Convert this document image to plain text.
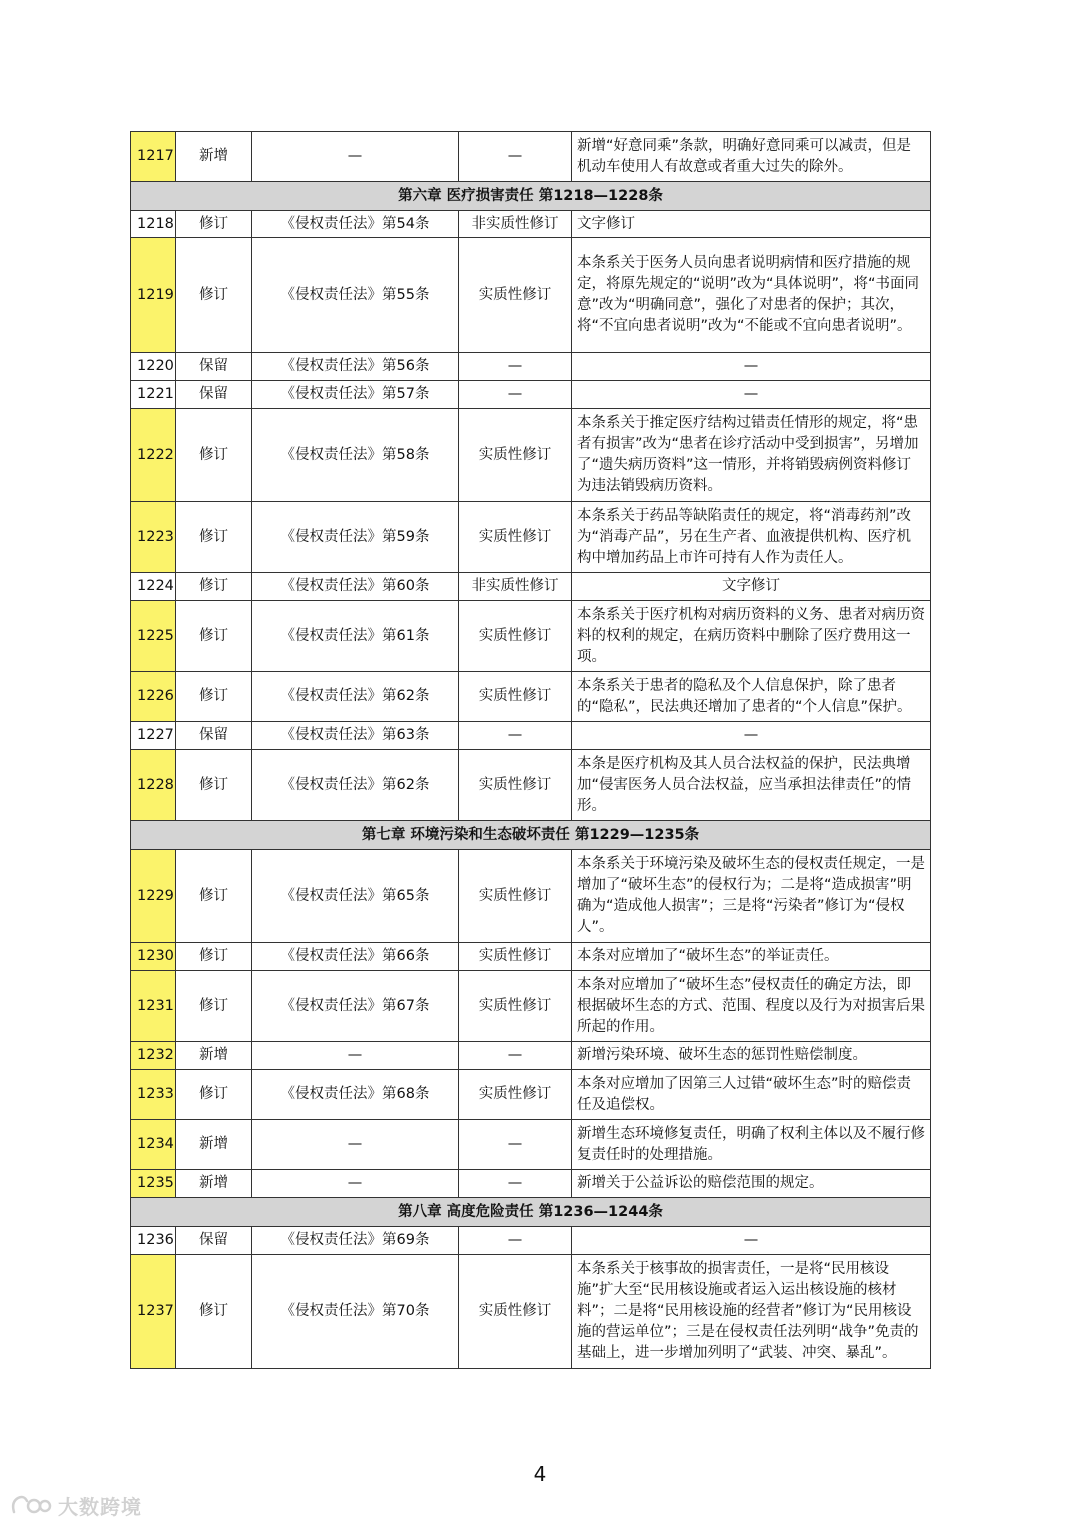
1217	新增	—	—	新增“好意同乘”条款，明确好意同乘可以减责，但是机动车使用人有故意或者重大过失的除外。
第六章 医疗损害责任 第1218—1228条				
1218	修订	《侵权责任法》第54条	非实质性修订	文字修订
1219	修订	《侵权责任法》第55条	实质性修订	本条系关于医务人员向患者说明病情和医疗措施的规定，将原先规定的“说明”改为“具体说明”，将“书面同意”改为“明确同意”，强化了对患者的保护；其次，将“不宜向患者说明”改为“不能或不宜向患者说明”。
1220	保留	《侵权责任法》第56条	—	—
1221	保留	《侵权责任法》第57条	—	—
1222	修订	《侵权责任法》第58条	实质性修订	本条系关于推定医疗结构过错责任情形的规定，将“患者有损害”改为“患者在诊疗活动中受到损害”，另增加了“遗失病历资料”这一情形，并将销毁病例资料修订为违法销毁病历资料。
1223	修订	《侵权责任法》第59条	实质性修订	本条系关于药品等缺陷责任的规定，将“消毒药剂”改为“消毒产品”，另在生产者、血液提供机构、医疗机构中增加药品上市许可持有人作为责任人。
1224	修订	《侵权责任法》第60条	非实质性修订	文字修订
1225	修订	《侵权责任法》第61条	实质性修订	本条系关于医疗机构对病历资料的义务、患者对病历资料的权利的规定，在病历资料中删除了医疗费用这一项。
1226	修订	《侵权责任法》第62条	实质性修订	本条系关于患者的隐私及个人信息保护，除了患者的“隐私”，民法典还增加了患者的“个人信息”保护。
1227	保留	《侵权责任法》第63条	—	—
1228	修订	《侵权责任法》第62条	实质性修订	本条是医疗机构及其人员合法权益的保护，民法典增加“侵害医务人员合法权益，应当承担法律责任”的情形。
第七章 环境污染和生态破坏责任 第1229—1235条				
1229	修订	《侵权责任法》第65条	实质性修订	本条系关于环境污染及破坏生态的侵权责任规定，一是增加了“破坏生态”的侵权行为；二是将“造成损害”明确为“造成他人损害”；三是将“污染者”修订为“侵权人”。
1230	修订	《侵权责任法》第66条	实质性修订	本条对应增加了“破坏生态”的举证责任。
1231	修订	《侵权责任法》第67条	实质性修订	本条对应增加了“破坏生态”侵权责任的确定方法，即根据破坏生态的方式、范围、程度以及行为对损害后果所起的作用。
1232	新增	—	—	新增污染环境、破坏生态的惩罚性赔偿制度。
1233	修订	《侵权责任法》第68条	实质性修订	本条对应增加了因第三人过错“破坏生态”时的赔偿责任及追偿权。
1234	新增	—	—	新增生态环境修复责任，明确了权利主体以及不履行修复责任时的处理措施。
1235	新增	—	—	新增关于公益诉讼的赔偿范围的规定。
第八章 高度危险责任 第1236—1244条				
1236	保留	《侵权责任法》第69条	—	—
1237	修订	《侵权责任法》第70条	实质性修订	本条系关于核事故的损害责任，一是将“民用核设施”扩大至“民用核设施或者运入运出核设施的核材料”；二是将“民用核设施的经营者”修订为“民用核设施的营运单位”；三是在侵权责任法列明“战争”免责的基础上，进一步增加列明了“武装、冲突、暴乱”。
4
大数跨境
